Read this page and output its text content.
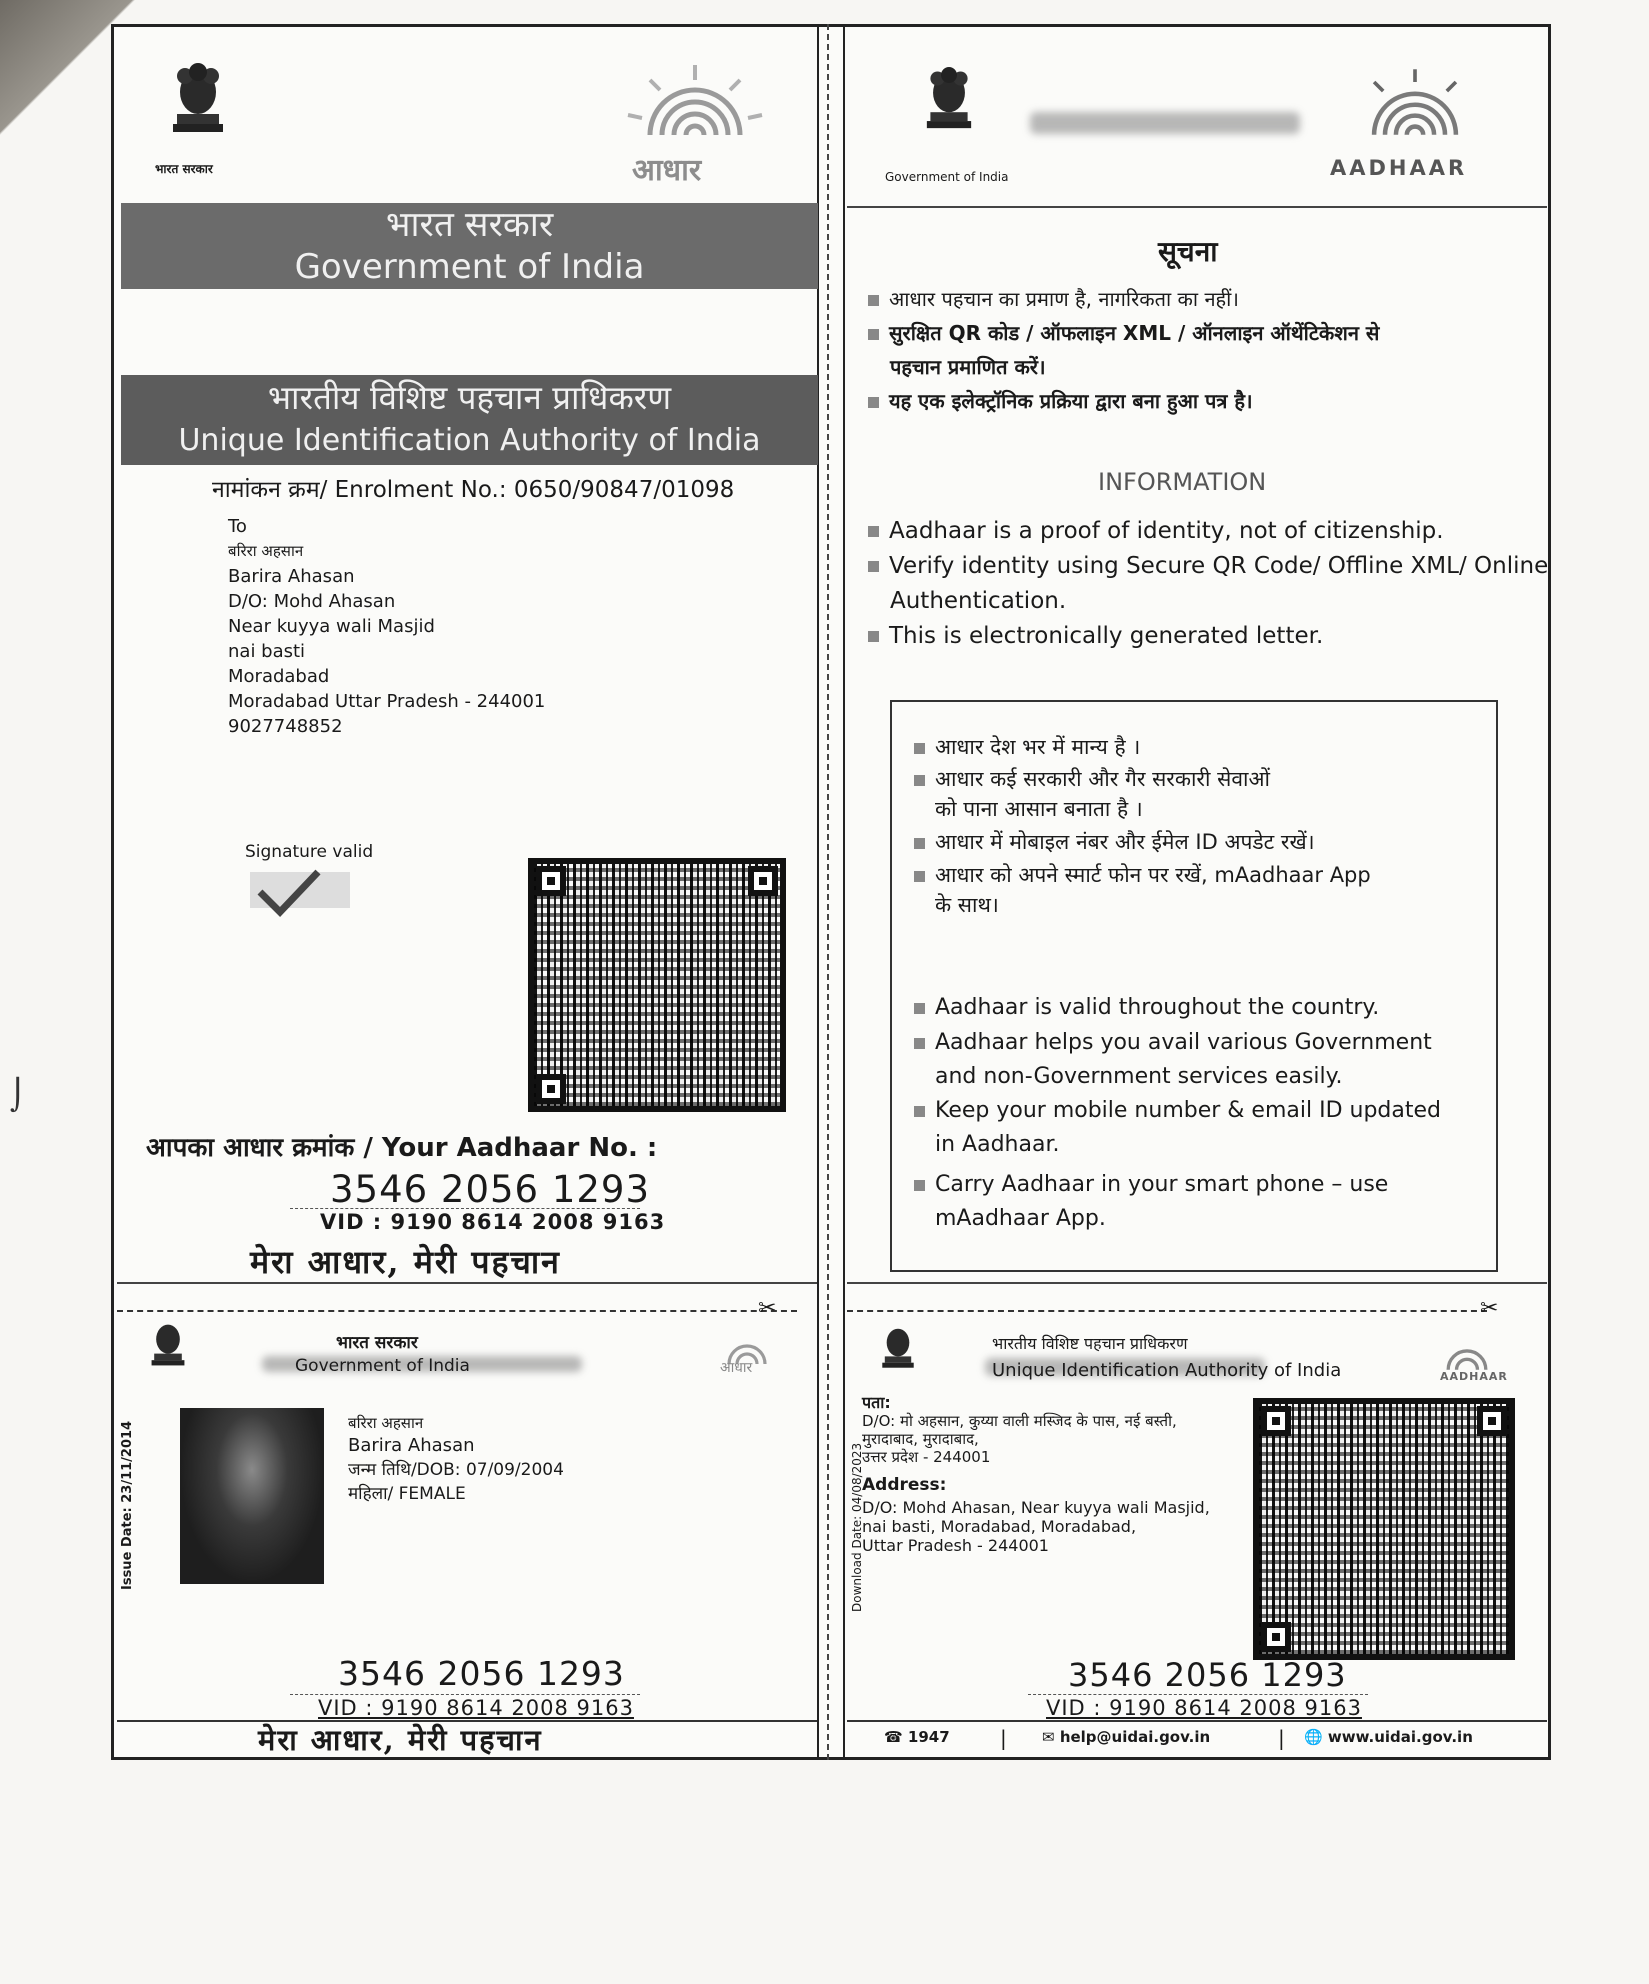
भारत सरकार	आधार
भारत सरकार
Government of India
भारतीय विशिष्ट पहचान प्राधिकरण
Unique Identification Authority of India
नामांकन क्रम/ Enrolment No.: 0650/90847/01098
To
बरिरा अहसान
Barira Ahasan
D/O: Mohd Ahasan
Near kuyya wali Masjid
nai basti
Moradabad
Moradabad Uttar Pradesh - 244001
9027748852
Signature valid
आपका आधार क्रमांक / Your Aadhaar No. :
3546 2056 1293
VID : 9190 8614 2008 9163
मेरा आधार, मेरी पहचान
✂
भारत सरकार
Government of India	आधार
Issue Date: 23/11/2014	बरिरा अहसान
Barira Ahasan
जन्म तिथि/DOB: 07/09/2004
महिला/ FEMALE
3546 2056 1293
VID : 9190 8614 2008 9163
मेरा आधार, मेरी पहचान
Government of India	AADHAAR
सूचना
आधार पहचान का प्रमाण है, नागरिकता का नहीं।
सुरक्षित QR कोड / ऑफलाइन XML / ऑनलाइन ऑथेंटिकेशन से
पहचान प्रमाणित करें।
यह एक इलेक्ट्रॉनिक प्रक्रिया द्वारा बना हुआ पत्र है।
INFORMATION
Aadhaar is a proof of identity, not of citizenship.
Verify identity using Secure QR Code/ Offline XML/ Online
Authentication.
This is electronically generated letter.
आधार देश भर में मान्य है ।
आधार कई सरकारी और गैर सरकारी सेवाओं
को पाना आसान बनाता है ।
आधार में मोबाइल नंबर और ईमेल ID अपडेट रखें।
आधार को अपने स्मार्ट फोन पर रखें, mAadhaar App
के साथ।
Aadhaar is valid throughout the country.
Aadhaar helps you avail various Government
and non-Government services easily.
Keep your mobile number & email ID updated
in Aadhaar.
Carry Aadhaar in your smart phone – use
mAadhaar App.
✂
भारतीय विशिष्ट पहचान प्राधिकरण
Unique Identification Authority of India	AADHAAR
Download Date: 04/08/2023
पता:
D/O: मो अहसान, कुय्या वाली मस्जिद के पास, नई बस्ती,
मुरादाबाद, मुरादाबाद,
उत्तर प्रदेश - 244001
Address:
D/O: Mohd Ahasan, Near kuyya wali Masjid,
nai basti, Moradabad, Moradabad,
Uttar Pradesh - 244001
3546 2056 1293
VID : 9190 8614 2008 9163
☎ 1947	| ✉ help@uidai.gov.in	| 🌐 www.uidai.gov.in
⌡
